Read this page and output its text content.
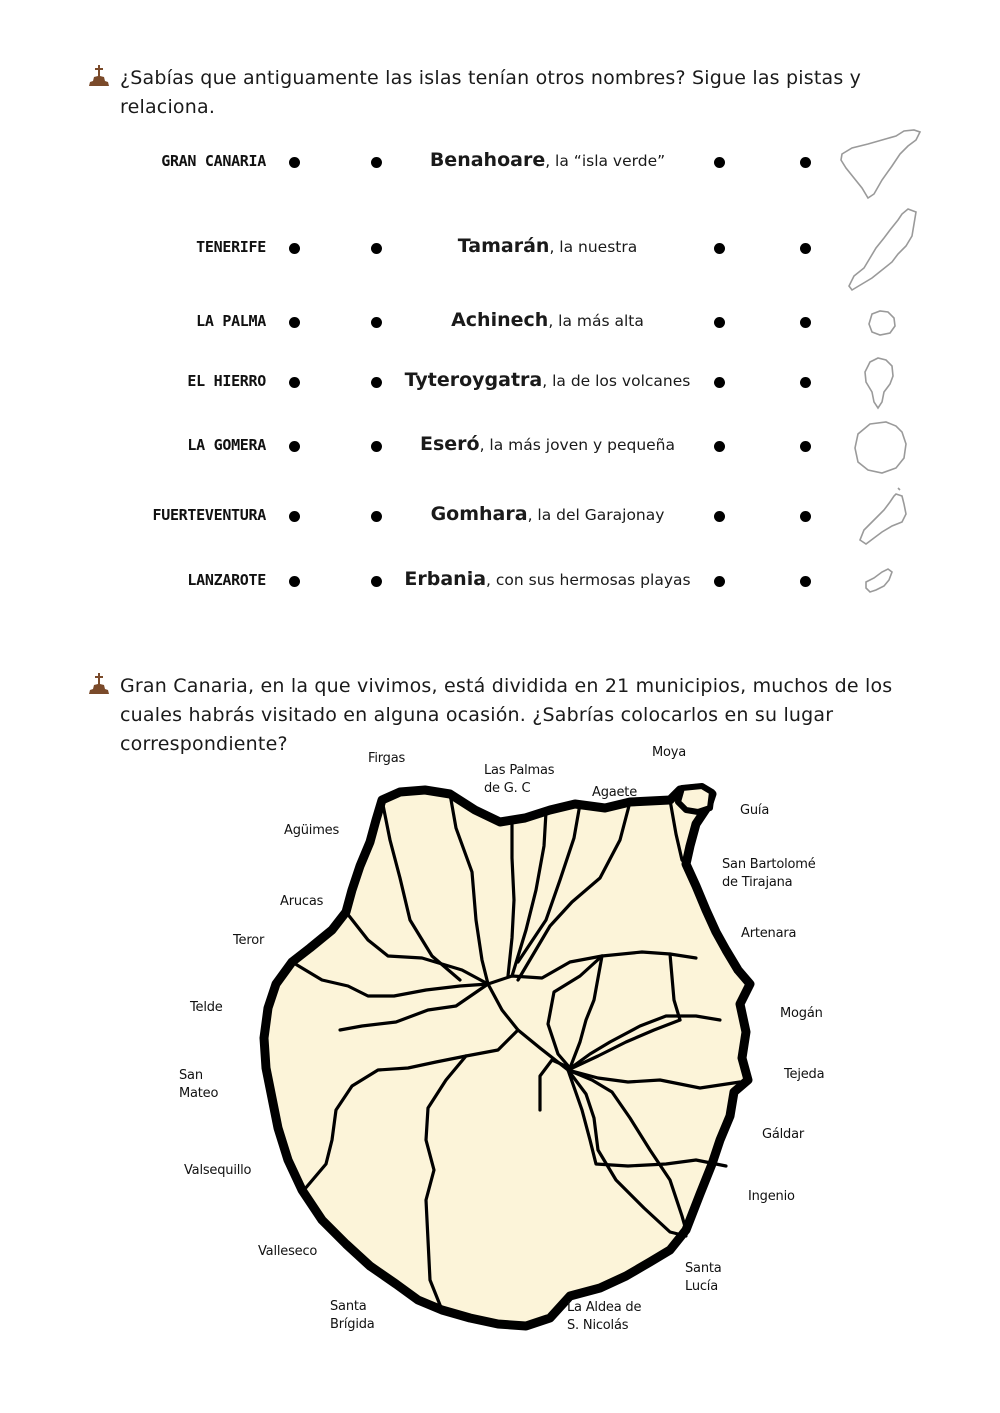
¿Sabías que antiguamente las islas tenían otros nombres? Sigue las pistas y relaciona.
GRAN CANARIA	Benahoare, la “isla verde”
TENERIFE	Tamarán, la nuestra
LA PALMA	Achinech, la más alta
EL HIERRO	Tyteroygatra, la de los volcanes
LA GOMERA	Eseró, la más joven y pequeña
FUERTEVENTURA	Gomhara, la del Garajonay
LANZAROTE	Erbania, con sus hermosas playas
Gran Canaria, en la que vivimos, está dividida en 21 municipios, muchos de los cuales habrás visitado en alguna ocasión. ¿Sabrías colocarlos en su lugar correspondiente?
Firgas
Las Palmas
de G. C
Moya
Agaete
Guía
Agüimes
San Bartolomé
de Tirajana
Arucas
Artenara
Teror
Telde	Mogán
San
Mateo
Tejeda
Gáldar
Valsequillo
Ingenio
Valleseco
Santa
Lucía
Santa
Brígida
La Aldea de
S. Nicolás
